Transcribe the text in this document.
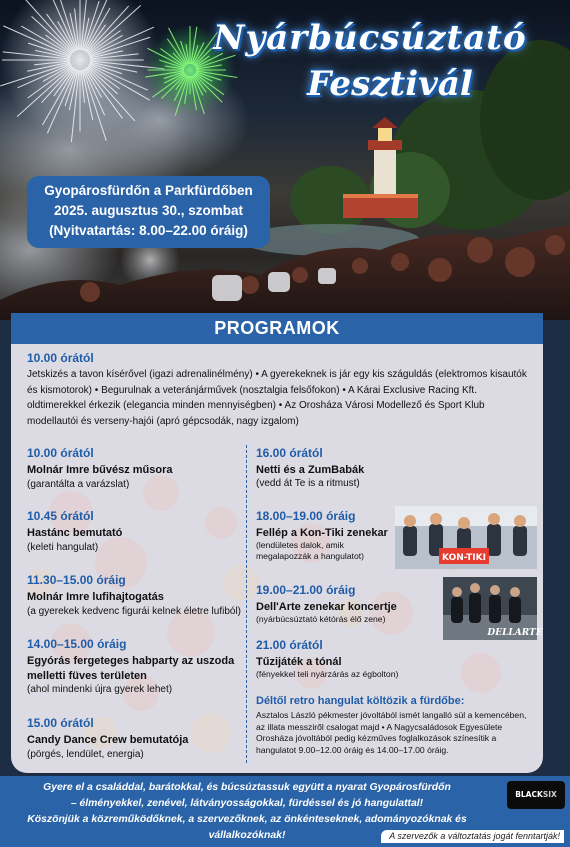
Nyárbúcsúztató
Fesztivál
Gyopárosfürdőn a Parkfürdőben
2025. augusztus 30., szombat
(Nyitvatartás: 8.00–22.00 óráig)
PROGRAMOK
10.00 órától
Jetskizés a tavon kísérővel (igazi adrenalinélmény) • A gyerekeknek is jár egy kis száguldás (elektromos kisautók és kismotorok) • Begurulnak a veteránjárművek (nosztalgia felsőfokon) • A Kárai Exclusive Racing Kft. oldtimerekkel érkezik (elegancia minden mennyiségben) • Az Orosháza Városi Modellező és Sport Klub modellautói és verseny-hajói (apró gépcsodák, nagy izgalom)
10.00 órától
Molnár Imre bűvész műsora
(garantálta a varázslat)
10.45 órától
Hastánc bemutató
(keleti hangulat)
11.30–15.00 óráig
Molnár Imre lufihajtogatás
(a gyerekek kedvenc figurái kelnek életre lufiból)
14.00–15.00 óráig
Egyórás fergeteges habparty az uszoda melletti füves területen
(ahol mindenki újra gyerek lehet)
15.00 órától
Candy Dance Crew bemutatója
(pörgés, lendület, energia)
16.00 órától
Netti és a ZumBabák
(vedd át Te is a ritmust)
18.00–19.00 óráig
Fellép a Kon-Tiki zenekar
(lendületes dalok, amik megalapozzák a hangulatot)
19.00–21.00 óráig
Dell'Arte zenekar koncertje
(nyárbúcsúztató kétórás élő zene)
21.00 órától
Tűzijáték a tónál
(fényekkel teli nyárzárás az égbolton)
KON-TIKI
DELLARTE
Déltől retro hangulat költözik a fürdőbe:
Asztalos László pékmester jóvoltából ismét langalló sül a kemencében, az illata messziről csalogat majd • A Nagycsaládosok Egyesülete Orosháza jóvoltából pedig kézműves foglalkozások színesítik a hangulatot 9.00–12.00 óráig és 14.00–17.00 óráig.
Gyere el a családdal, barátokkal, és búcsúztassuk együtt a nyarat Gyopárosfürdőn
– élményekkel, zenével, látványosságokkal, fürdéssel és jó hangulattal!
Köszönjük a közreműködőknek, a szervezőknek, az önkénteseknek, adományozóknak és vállalkozóknak!
BLACKSIX
A szervezők a változtatás jogát fenntartják!
